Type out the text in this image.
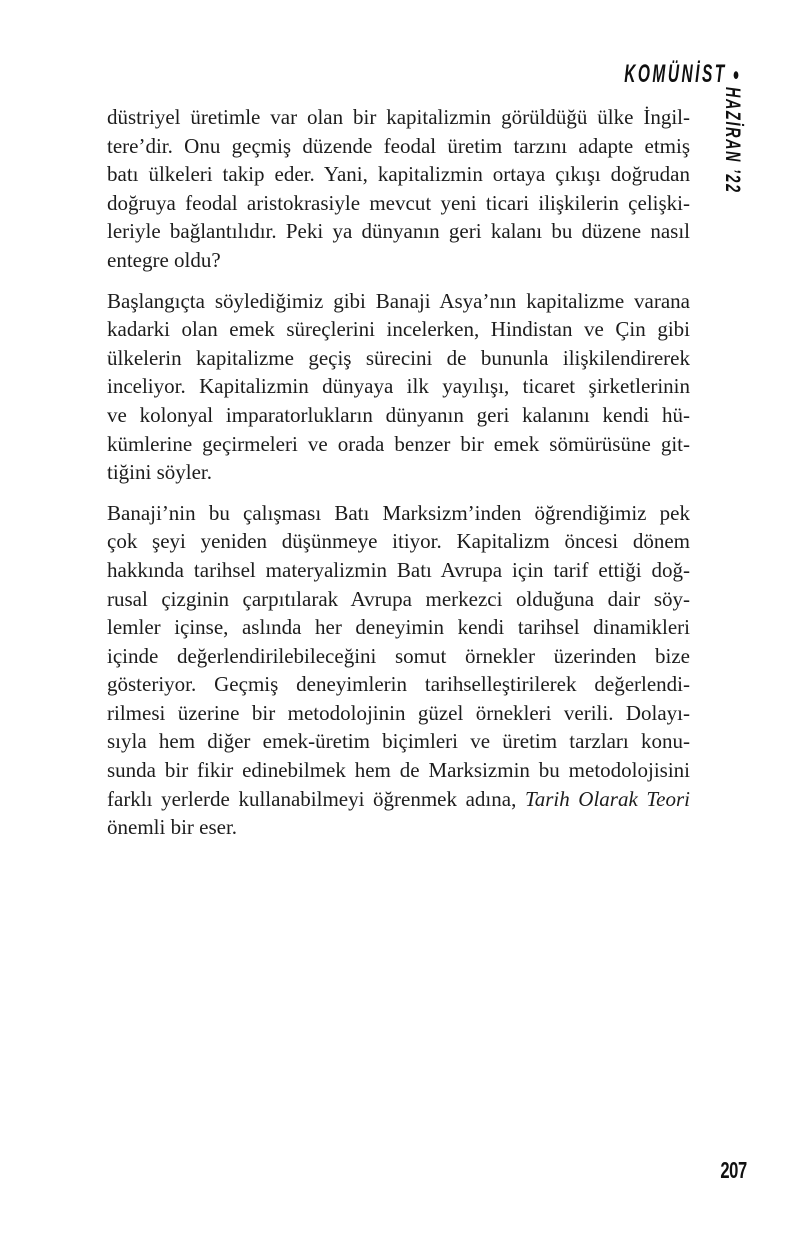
KOMÜNİST •
HAZİRAN ’22
düstriyel üretimle var olan bir kapitalizmin görüldüğü ülke İngil-
tere’dir. Onu geçmiş düzende feodal üretim tarzını adapte etmiş
batı ülkeleri takip eder. Yani, kapitalizmin ortaya çıkışı doğrudan
doğruya feodal aristokrasiyle mevcut yeni ticari ilişkilerin çelişki-
leriyle bağlantılıdır. Peki ya dünyanın geri kalanı bu düzene nasıl
entegre oldu?
Başlangıçta söylediğimiz gibi Banaji Asya’nın kapitalizme varana
kadarki olan emek süreçlerini incelerken, Hindistan ve Çin gibi
ülkelerin kapitalizme geçiş sürecini de bununla ilişkilendirerek
inceliyor. Kapitalizmin dünyaya ilk yayılışı, ticaret şirketlerinin
ve kolonyal imparatorlukların dünyanın geri kalanını kendi hü-
kümlerine geçirmeleri ve orada benzer bir emek sömürüsüne git-
tiğini söyler.
Banaji’nin bu çalışması Batı Marksizm’inden öğrendiğimiz pek
çok şeyi yeniden düşünmeye itiyor. Kapitalizm öncesi dönem
hakkında tarihsel materyalizmin Batı Avrupa için tarif ettiği doğ-
rusal çizginin çarpıtılarak Avrupa merkezci olduğuna dair söy-
lemler içinse, aslında her deneyimin kendi tarihsel dinamikleri
içinde değerlendirilebileceğini somut örnekler üzerinden bize
gösteriyor. Geçmiş deneyimlerin tarihselleştirilerek değerlendi-
rilmesi üzerine bir metodolojinin güzel örnekleri verili. Dolayı-
sıyla hem diğer emek-üretim biçimleri ve üretim tarzları konu-
sunda bir fikir edinebilmek hem de Marksizmin bu metodolojisini
farklı yerlerde kullanabilmeyi öğrenmek adına, Tarih Olarak Teori
önemli bir eser.
207
